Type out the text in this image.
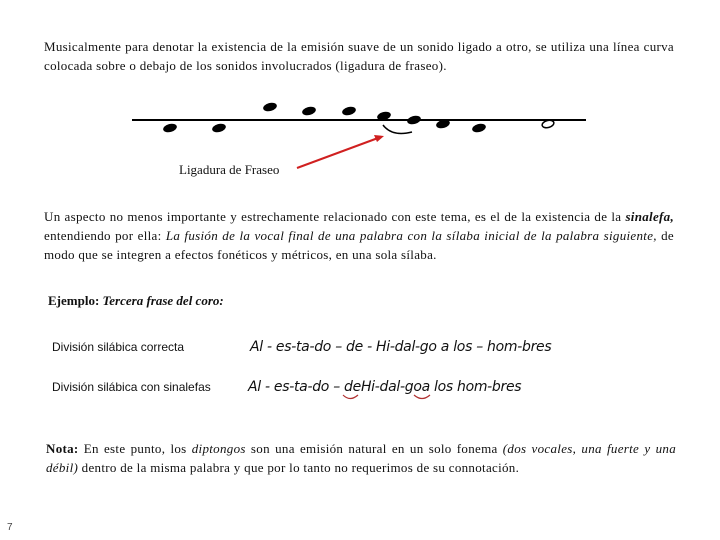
Musicalmente para denotar la existencia de la emisión suave de un sonido ligado a otro, se utiliza una línea curva colocada sobre o debajo de los sonidos involucrados (ligadura de fraseo).
Ligadura de Fraseo
Un aspecto no menos importante y estrechamente relacionado con este tema, es el de la existencia de la sinalefa, entendiendo por ella: La fusión de la vocal final de una palabra con la sílaba inicial de la palabra siguiente, de modo que se integren a efectos fonéticos y métricos, en una sola sílaba.
Ejemplo: Tercera frase del coro:
División silábica correcta	Al - es-ta-do – de - Hi-dal-go a los – hom-bres
División silábica con sinalefas	Al - es-ta-do – deHi-dal-goa los hom-bres
Nota: En este punto, los diptongos son una emisión natural en un solo fonema (dos vocales, una fuerte y una débil) dentro de la misma palabra y que por lo tanto no requerimos de su connotación.
7
